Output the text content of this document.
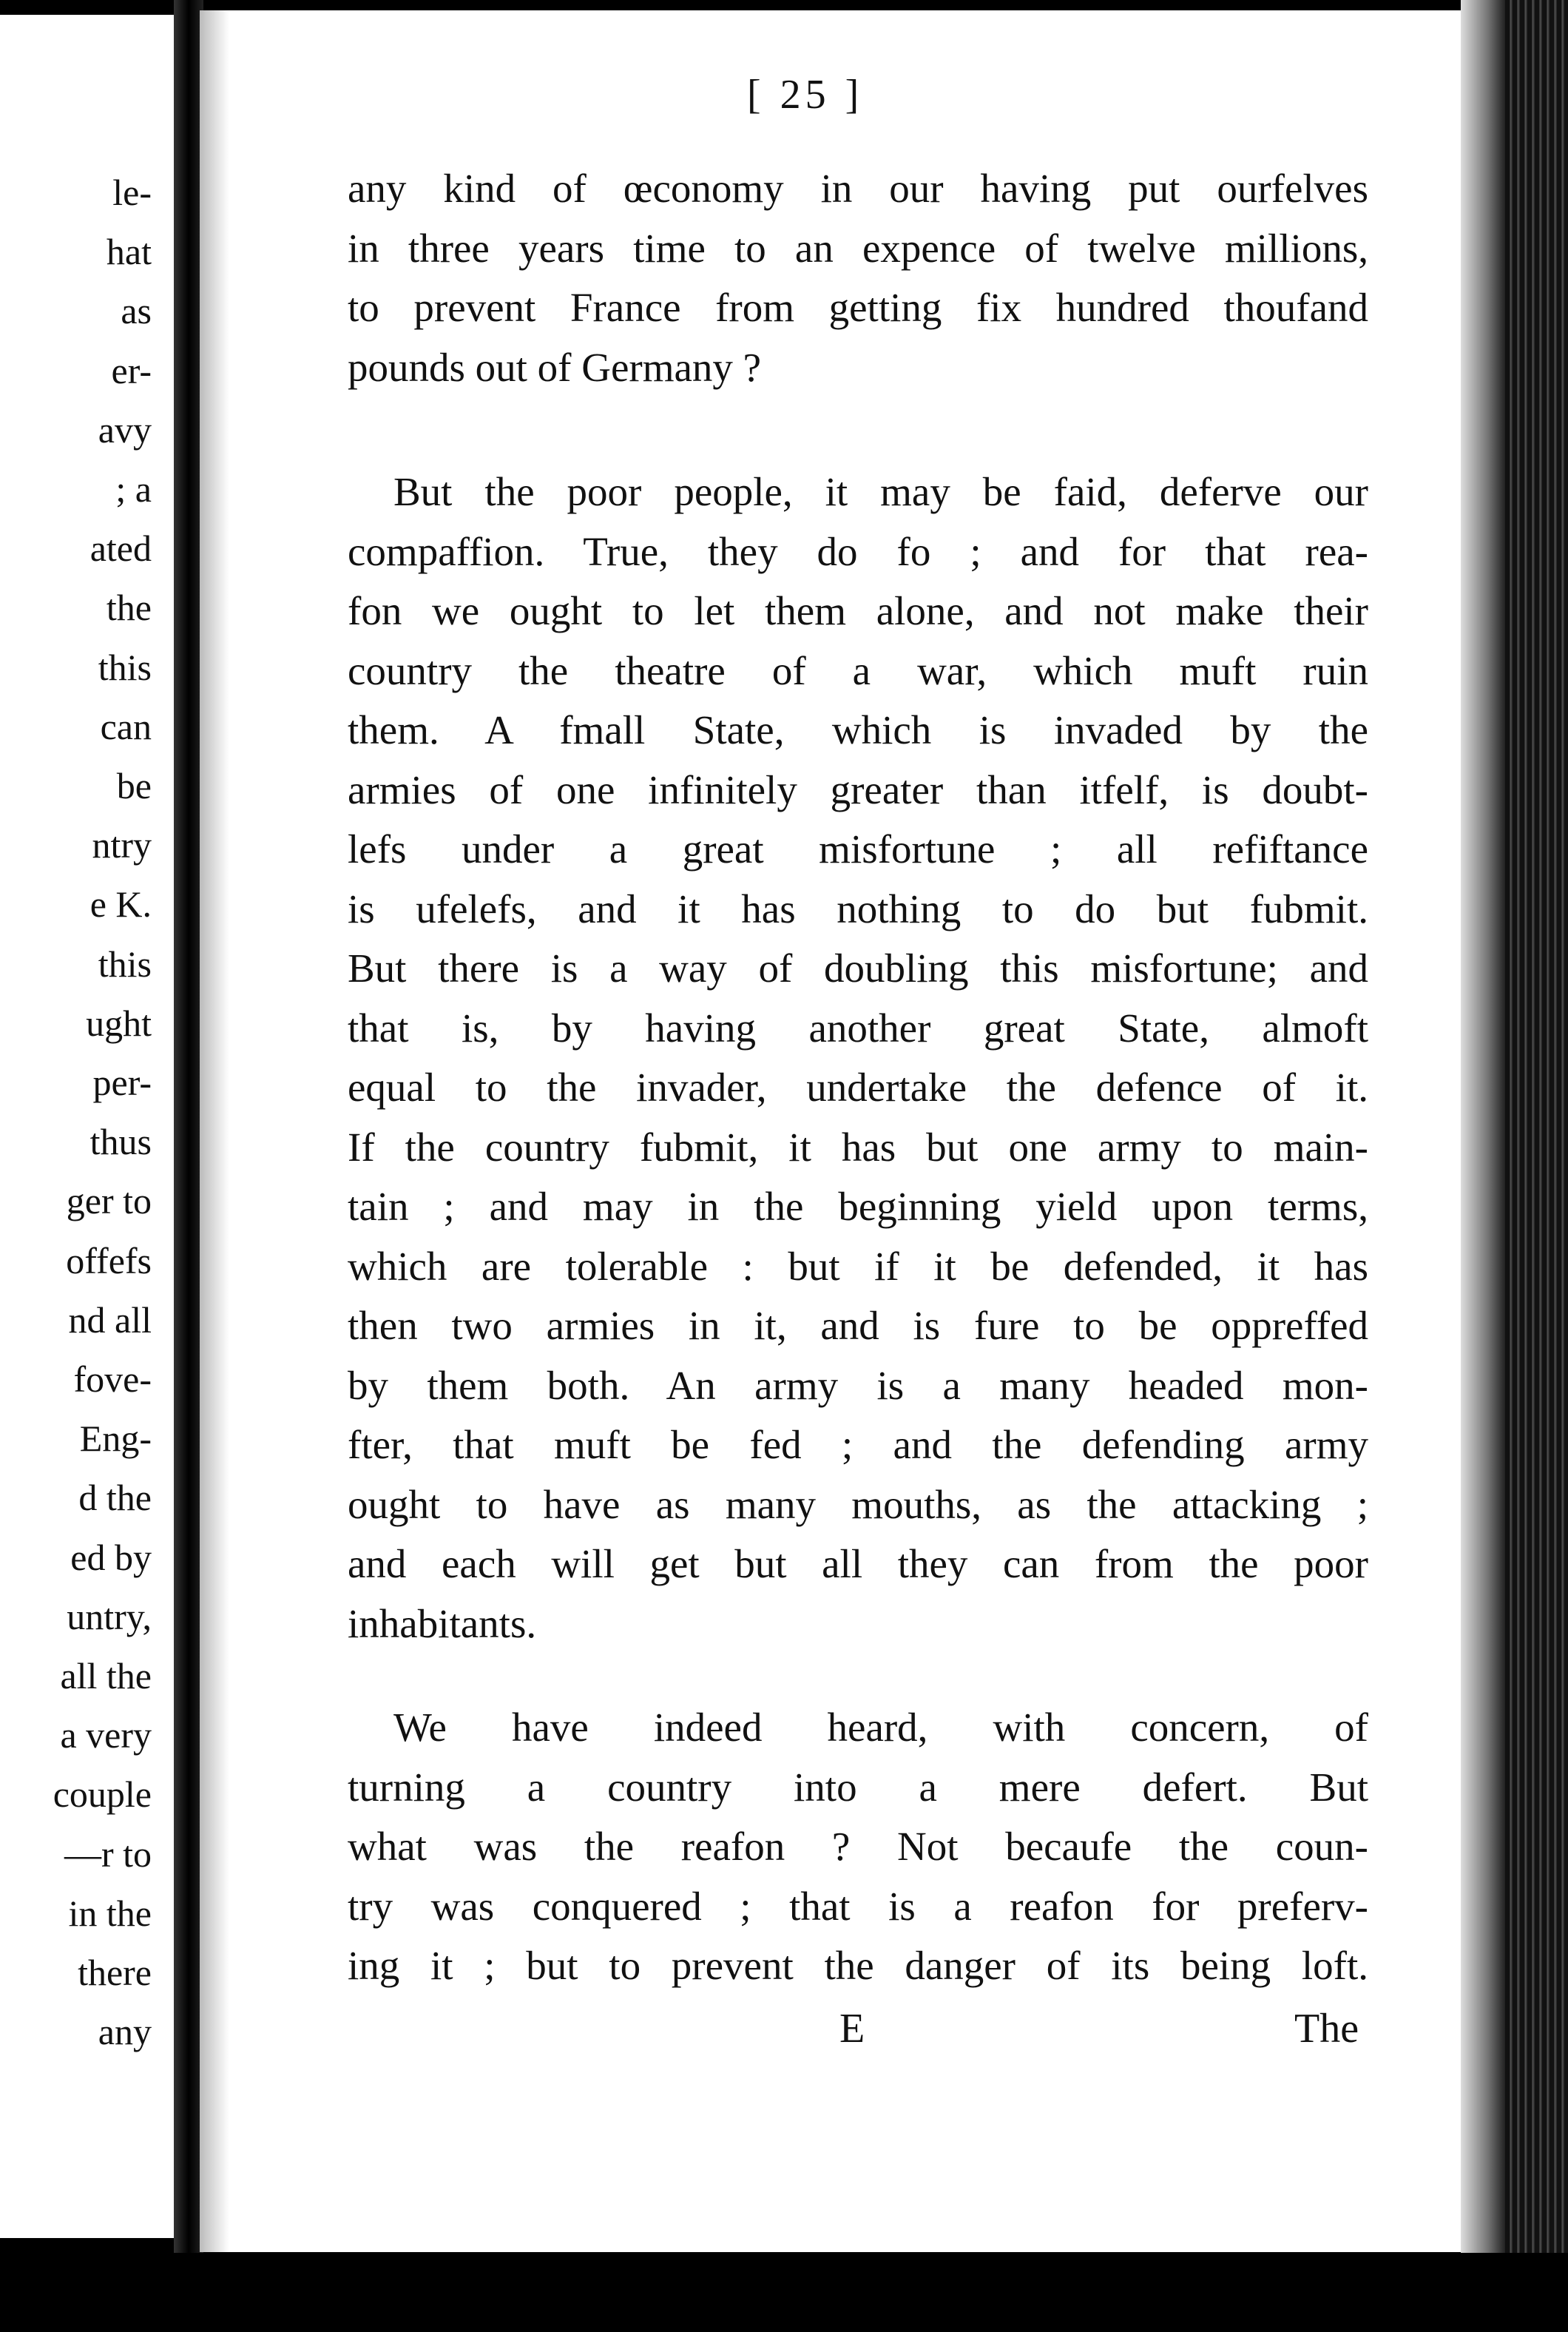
le-
hat
as
er-
avy
; a
ated
the
this
can
be
ntry
e K.
this
ught
per-
thus
ger to
offefs
nd all
fove-
Eng-
d the
ed by
untry,
all the
a very
couple
—r to
in the
there
any
[ 25 ]
any kind of œconomy in our having put ourfelves
in three years time to an expence of twelve millions,
to prevent France from getting fix hundred thoufand
pounds out of Germany ?
But the poor people, it may be faid, deferve our
compaffion. True, they do fo ; and for that rea-
fon we ought to let them alone, and not make their
country the theatre of a war, which muft ruin
them. A fmall State, which is invaded by the
armies of one infinitely greater than itfelf, is doubt-
lefs under a great misfortune ; all refiftance
is ufelefs, and it has nothing to do but fubmit.
But there is a way of doubling this misfortune; and
that is, by having another great State, almoft
equal to the invader, undertake the defence of it.
If the country fubmit, it has but one army to main-
tain ; and may in the beginning yield upon terms,
which are tolerable : but if it be defended, it has
then two armies in it, and is fure to be oppreffed
by them both. An army is a many headed mon-
fter, that muft be fed ; and the defending army
ought to have as many mouths, as the attacking ;
and each will get but all they can from the poor
inhabitants.
We have indeed heard, with concern, of
turning a country into a mere defert. But
what was the reafon ? Not becaufe the coun-
try was conquered ; that is a reafon for preferv-
ing it ; but to prevent the danger of its being loft.
E	The
